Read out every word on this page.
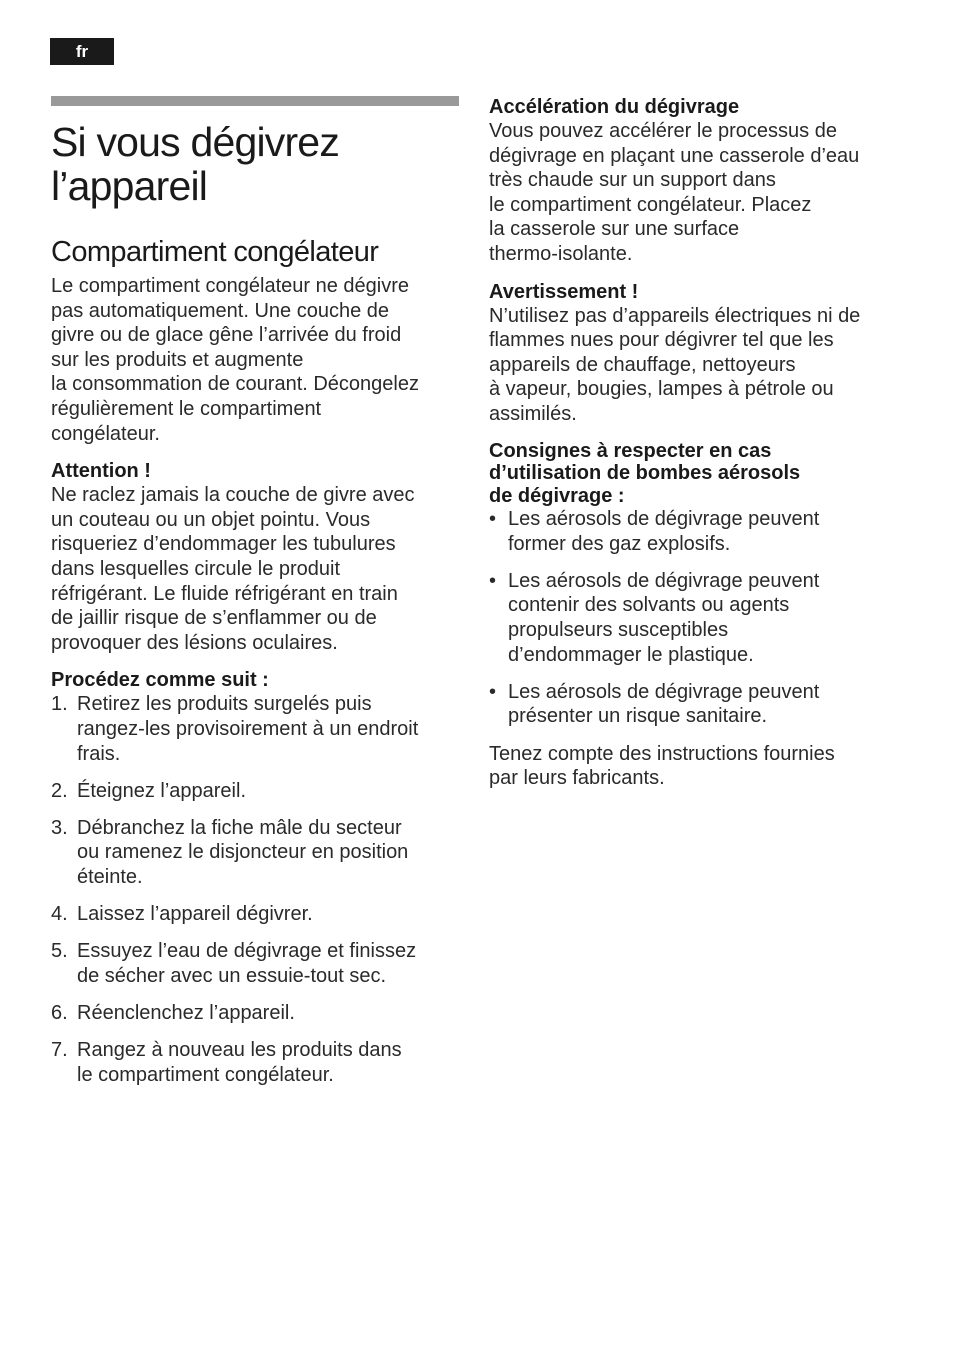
fr
Si vous dégivrez
l’appareil
Compartiment congélateur

Le compartiment congélateur ne dégivre
pas automatiquement. Une couche de
givre ou de glace gêne l’arrivée du froid
sur les produits et augmente
la consommation de courant. Décongelez
régulièrement le compartiment
congélateur.

Attention !

Ne raclez jamais la couche de givre avec
un couteau ou un objet pointu. Vous
risqueriez d’endommager les tubulures
dans lesquelles circule le produit
réfrigérant. Le fluide réfrigérant en train
de jaillir risque de s’enflammer ou de
provoquer des lésions oculaires.

Procédez comme suit :
1. Retirez les produits surgelés puis
rangez-les provisoirement à un endroit
frais.
2. Éteignez l’appareil.
3. Débranchez la fiche mâle du secteur
ou ramenez le disjoncteur en position
éteinte.
4. Laissez l’appareil dégivrer.
5. Essuyez l’eau de dégivrage et finissez
de sécher avec un essuie-tout sec.
6. Réenclenchez l’appareil.
7. Rangez à nouveau les produits dans
le compartiment congélateur.
Accélération du dégivrage

Vous pouvez accélérer le processus de
dégivrage en plaçant une casserole d’eau
très chaude sur un support dans
le compartiment congélateur. Placez
la casserole sur une surface
thermo-isolante.

Avertissement !

N’utilisez pas d’appareils électriques ni de
flammes nues pour dégivrer tel que les
appareils de chauffage, nettoyeurs
à vapeur, bougies, lampes à pétrole ou
assimilés.

Consignes à respecter en cas
d’utilisation de bombes aérosols
de dégivrage :
• Les aérosols de dégivrage peuvent
former des gaz explosifs.
• Les aérosols de dégivrage peuvent
contenir des solvants ou agents
propulseurs susceptibles
d’endommager le plastique.
• Les aérosols de dégivrage peuvent
présenter un risque sanitaire.

Tenez compte des instructions fournies
par leurs fabricants.
